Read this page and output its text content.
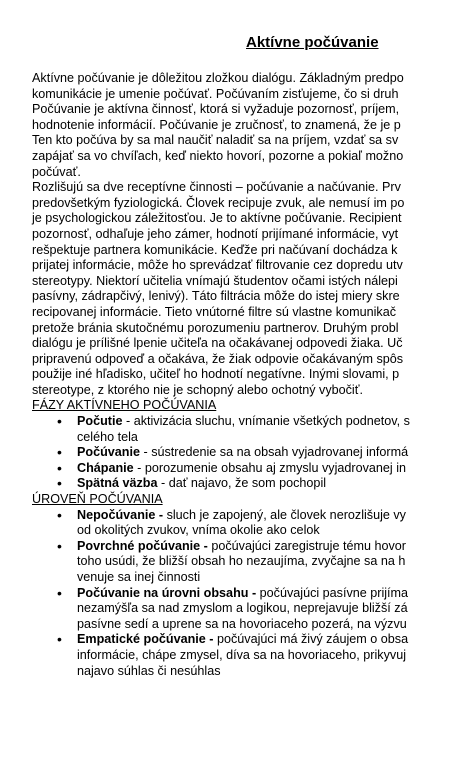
Aktívne počúvanie
Aktívne počúvanie je dôležitou zložkou dialógu. Základným predpo
komunikácie je umenie počúvať. Počúvaním zisťujeme, čo si druh
Počúvanie je aktívna činnosť, ktorá si vyžaduje pozornosť, príjem,
hodnotenie informácií. Počúvanie je zručnosť, to znamená, že je p
Ten kto počúva by sa mal naučiť naladiť sa na príjem, vzdať sa sv
zapájať sa vo chvíľach, keď niekto hovorí, pozorne a pokiaľ možno
počúvať.
Rozlišujú sa dve receptívne činnosti – počúvanie a načúvanie. Prv
predovšetkým fyziologická. Človek recipuje zvuk, ale nemusí im po
je psychologickou záležitosťou. Je to aktívne počúvanie. Recipient
pozornosť, odhaľuje jeho zámer, hodnotí prijímané informácie, vyt
rešpektuje partnera komunikácie. Keďže pri načúvaní dochádza k
prijatej informácie, môže ho sprevádzať filtrovanie cez dopredu utv
stereotypy. Niektorí učitelia vnímajú študentov očami istých nálepi
pasívny, zádrapčivý, lenivý). Táto filtrácia môže do istej miery skre
recipovanej informácie. Tieto vnútorné filtre sú vlastne komunikač
pretože bránia skutočnému porozumeniu partnerov. Druhým probl
dialógu je prílišné lpenie učiteľa na očakávanej odpovedi žiaka. Uč
pripravenú odpoveď a očakáva, že žiak odpovie očakávaným spôs
použije iné hľadisko, učiteľ ho hodnotí negatívne. Inými slovami, p
stereotype, z ktorého nie je schopný alebo ochotný vybočiť.
FÁZY AKTÍVNEHO POČÚVANIA
• Počutie - aktivizácia sluchu, vnímanie všetkých podnetov, s
celého tela
• Počúvanie - sústredenie sa na obsah vyjadrovanej informá
• Chápanie - porozumenie obsahu aj zmyslu vyjadrovanej in
• Spätná väzba - dať najavo, že som pochopil
ÚROVEŇ POČÚVANIA
• Nepočúvanie - sluch je zapojený, ale človek nerozlišuje vy
od okolitých zvukov, vníma okolie ako celok
• Povrchné počúvanie - počúvajúci zaregistruje tému hovor
toho usúdi, že bližší obsah ho nezaujíma, zvyčajne sa na h
venuje sa inej činnosti
• Počúvanie na úrovni obsahu - počúvajúci pasívne prijíma
nezamýšľa sa nad zmyslom a logikou, neprejavuje bližší zá
pasívne sedí a uprene sa na hovoriaceho pozerá, na výzvu
• Empatické počúvanie - počúvajúci má živý záujem o obsa
informácie, chápe zmysel, díva sa na hovoriaceho, prikyvuj
najavo súhlas či nesúhlas
